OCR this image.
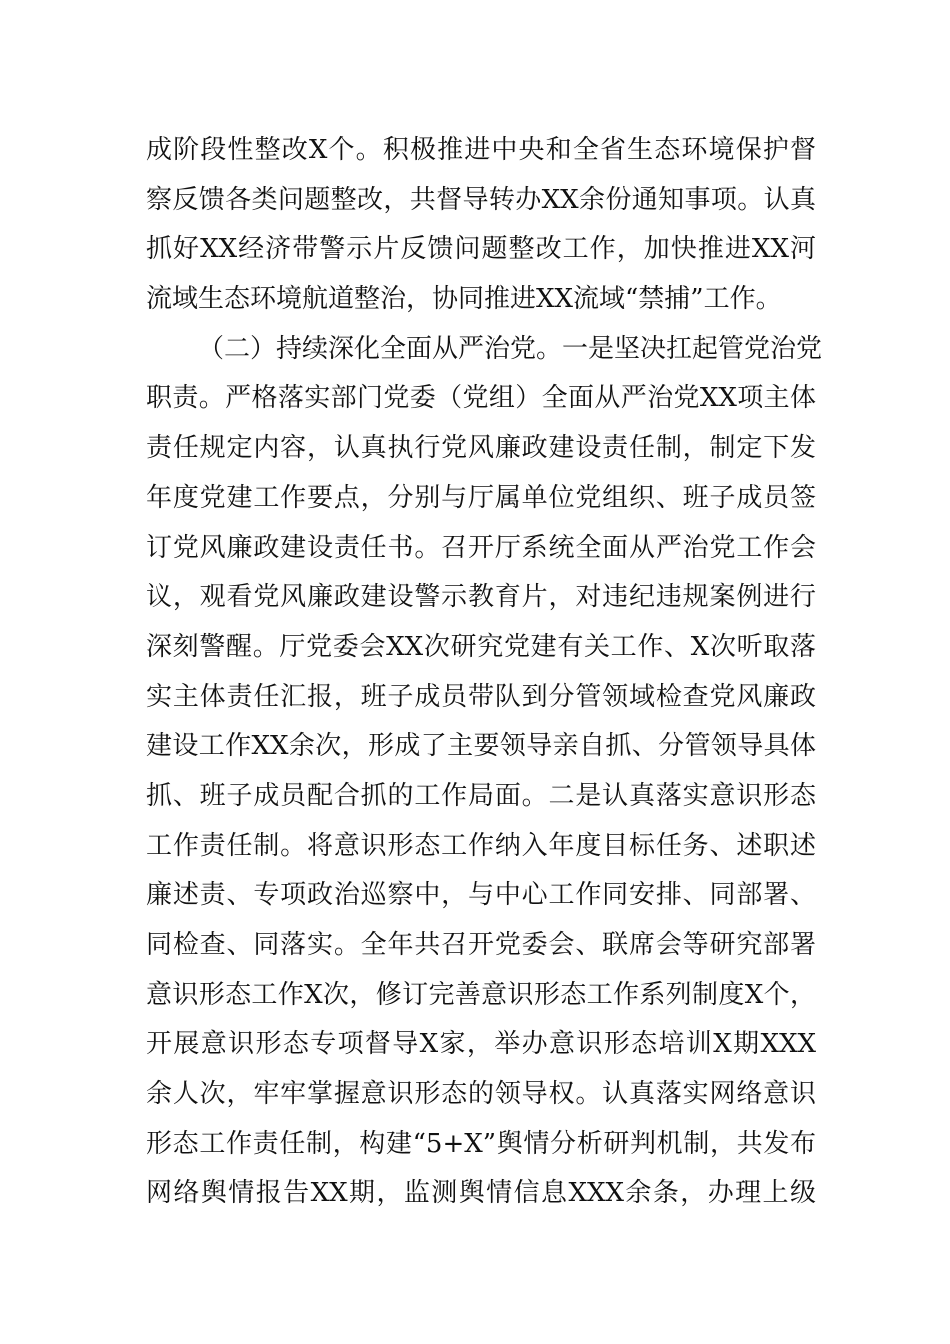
成阶段性整改X个。积极推进中央和全省生态环境保护督
察反馈各类问题整改，共督导转办XX余份通知事项。认真
抓好XX经济带警示片反馈问题整改工作，加快推进XX河
流域生态环境航道整治，协同推进XX流域“禁捕”工作。
（二）持续深化全面从严治党。一是坚决扛起管党治党
职责。严格落实部门党委（党组）全面从严治党XX项主体
责任规定内容，认真执行党风廉政建设责任制，制定下发
年度党建工作要点，分别与厅属单位党组织、班子成员签
订党风廉政建设责任书。召开厅系统全面从严治党工作会
议，观看党风廉政建设警示教育片，对违纪违规案例进行
深刻警醒。厅党委会XX次研究党建有关工作、X次听取落
实主体责任汇报，班子成员带队到分管领域检查党风廉政
建设工作XX余次，形成了主要领导亲自抓、分管领导具体
抓、班子成员配合抓的工作局面。二是认真落实意识形态
工作责任制。将意识形态工作纳入年度目标任务、述职述
廉述责、专项政治巡察中，与中心工作同安排、同部署、
同检查、同落实。全年共召开党委会、联席会等研究部署
意识形态工作X次，修订完善意识形态工作系列制度X个，
开展意识形态专项督导X家，举办意识形态培训X期XXX
余人次，牢牢掌握意识形态的领导权。认真落实网络意识
形态工作责任制，构建“5+X”舆情分析研判机制，共发布
网络舆情报告XX期，监测舆情信息XXX余条，办理上级
